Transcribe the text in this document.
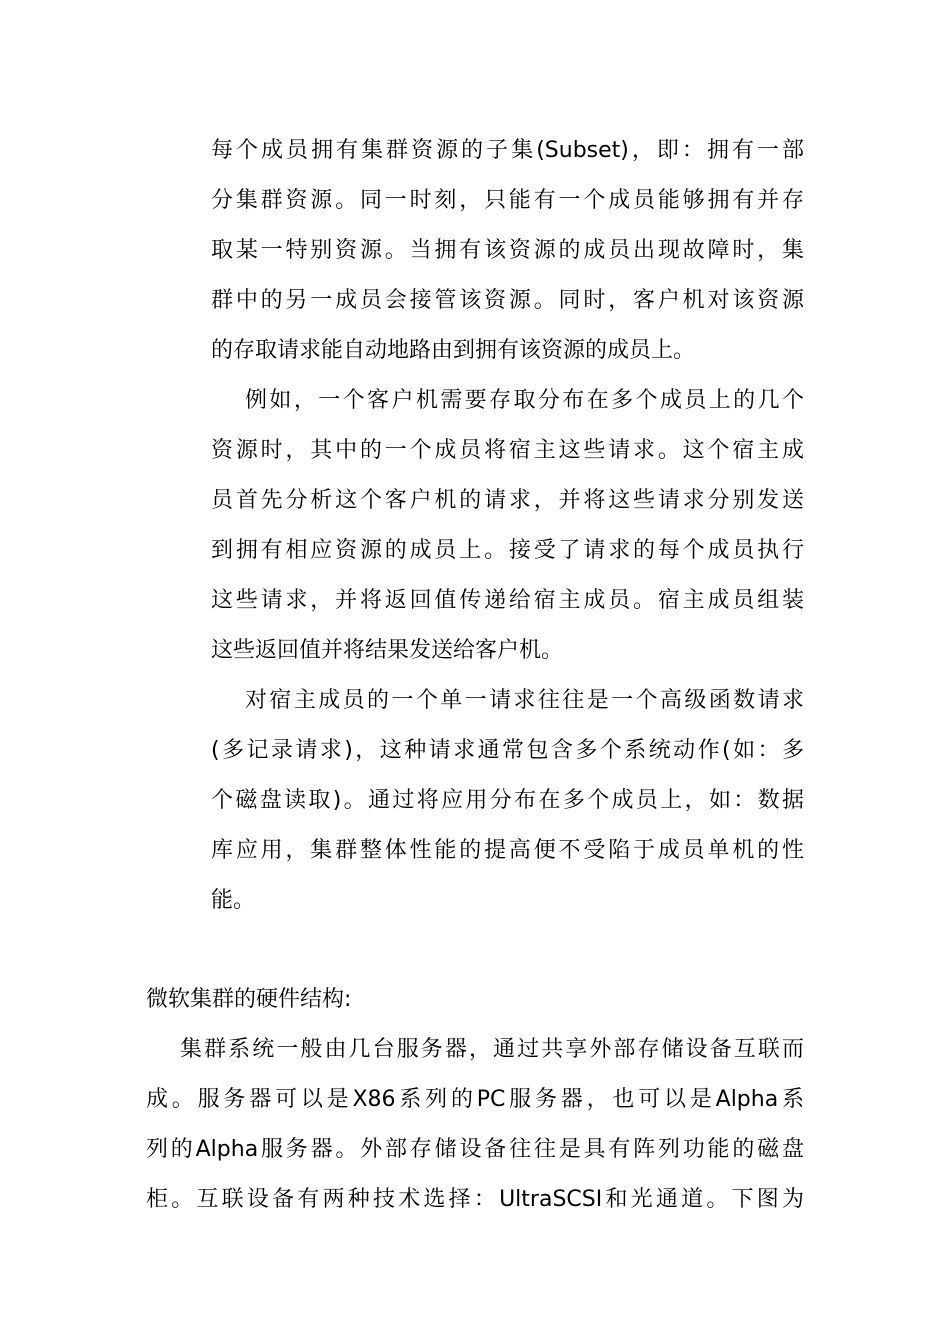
每个成员拥有集群资源的子集(Subset)，即：拥有一部
分集群资源。同一时刻，只能有一个成员能够拥有并存
取某一特别资源。当拥有该资源的成员出现故障时，集
群中的另一成员会接管该资源。同时，客户机对该资源
的存取请求能自动地路由到拥有该资源的成员上。
例如，一个客户机需要存取分布在多个成员上的几个
资源时，其中的一个成员将宿主这些请求。这个宿主成
员首先分析这个客户机的请求，并将这些请求分别发送
到拥有相应资源的成员上。接受了请求的每个成员执行
这些请求，并将返回值传递给宿主成员。宿主成员组装
这些返回值并将结果发送给客户机。
对宿主成员的一个单一请求往往是一个高级函数请求
(多记录请求)，这种请求通常包含多个系统动作(如：多
个磁盘读取)。通过将应用分布在多个成员上，如：数据
库应用，集群整体性能的提高便不受陷于成员单机的性
能。
微软集群的硬件结构:
集群系统一般由几台服务器，通过共享外部存储设备互联而
成。服务器可以是X86系列的PC服务器，也可以是Alpha系
列的Alpha服务器。外部存储设备往往是具有阵列功能的磁盘
柜。互联设备有两种技术选择：UltraSCSI和光通道。下图为
